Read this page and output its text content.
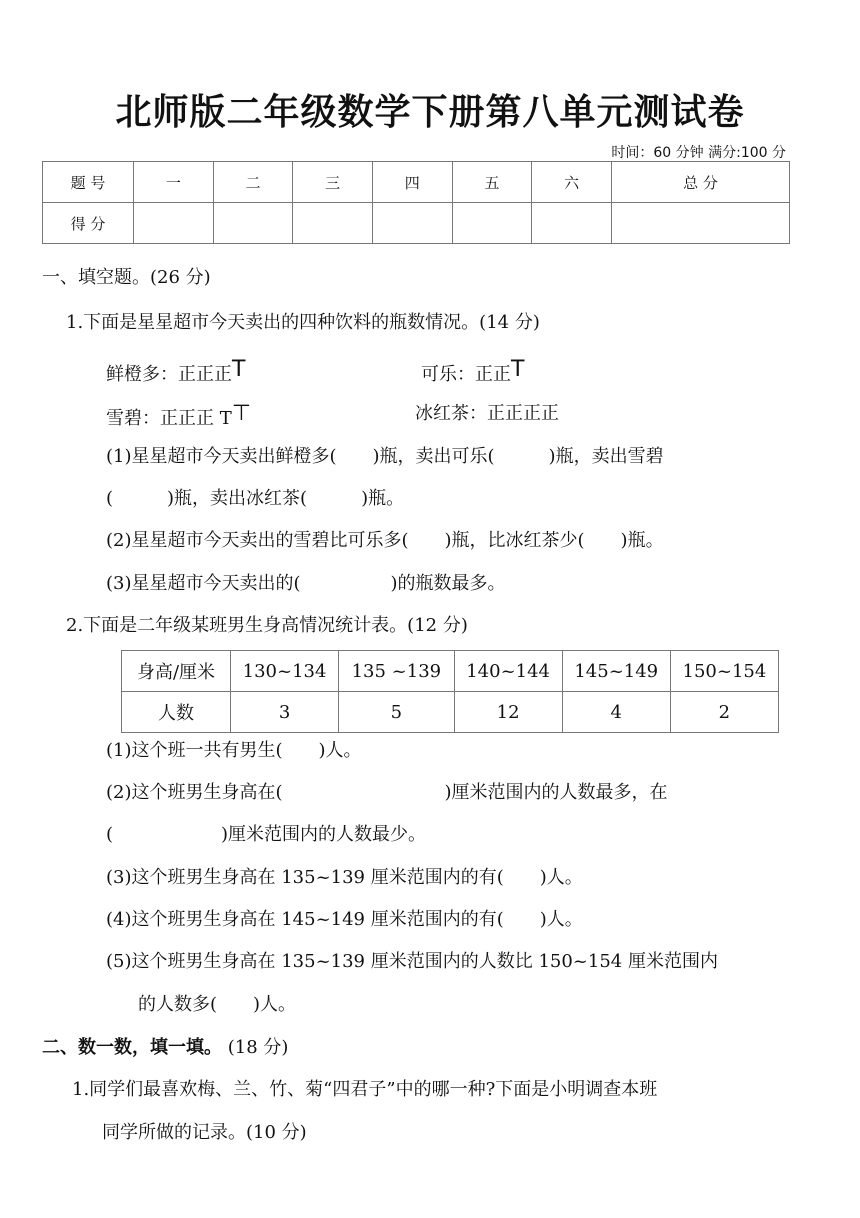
北师版二年级数学下册第八单元测试卷
时间：60 分钟 满分:100 分
题 号	一	二	三	四	五	六	总 分
得 分							
一、填空题。(26 分)
1.下面是星星超市今天卖出的四种饮料的瓶数情况。(14 分)
鲜橙多：正正正T	可乐：正正T
雪碧：正正正 T⊤	冰红茶：正正正正
(1)星星超市今天卖出鲜橙多(　　)瓶，卖出可乐(　　　)瓶，卖出雪碧
(　　　)瓶，卖出冰红茶(　　　)瓶。
(2)星星超市今天卖出的雪碧比可乐多(　　)瓶，比冰红茶少(　　)瓶。
(3)星星超市今天卖出的(　　　　　)的瓶数最多。
2.下面是二年级某班男生身高情况统计表。(12 分)
身高/厘米	130~134	135 ~139	140~144	145~149	150~154
人数	3	5	12	4	2
(1)这个班一共有男生(　　)人。
(2)这个班男生身高在(　　　　　　　　　)厘米范围内的人数最多，在
(　　　　　　)厘米范围内的人数最少。
(3)这个班男生身高在 135~139 厘米范围内的有(　　)人。
(4)这个班男生身高在 145~149 厘米范围内的有(　　)人。
(5)这个班男生身高在 135~139 厘米范围内的人数比 150~154 厘米范围内
的人数多(　　)人。
二、数一数，填一填。 (18 分)
1.同学们最喜欢梅、兰、竹、菊“四君子”中的哪一种?下面是小明调查本班
同学所做的记录。(10 分)
